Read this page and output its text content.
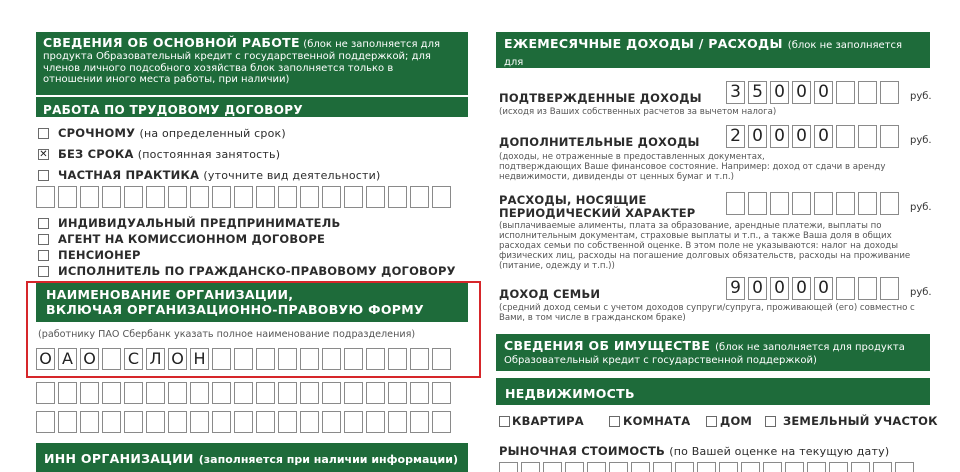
СВЕДЕНИЯ ОБ ОСНОВНОЙ РАБОТЕ (блок не заполняется для
продукта Образовательный кредит с государственной поддержкой; для
членов личного подсобного хозяйства блок заполняется только в
отношении иного места работы, при наличии)
РАБОТА ПО ТРУДОВОМУ ДОГОВОРУ
СРОЧНОМУ (на определенный срок)
✕ БЕЗ СРОКА (постоянная занятость)
ЧАСТНАЯ ПРАКТИКА (уточните вид деятельности)
ИНДИВИДУАЛЬНЫЙ ПРЕДПРИНИМАТЕЛЬ
АГЕНТ НА КОМИССИОННОМ ДОГОВОРЕ
ПЕНСИОНЕР
ИСПОЛНИТЕЛЬ ПО ГРАЖДАНСКО-ПРАВОВОМУ ДОГОВОРУ
НАИМЕНОВАНИЕ ОРГАНИЗАЦИИ,
ВКЛЮЧАЯ ОРГАНИЗАЦИОННО-ПРАВОВУЮ ФОРМУ
(работнику ПАО Сбербанк указать полное наименование подразделения)
О А О С Л О Н
ИНН ОРГАНИЗАЦИИ (заполняется при наличии информации)
ЕЖЕМЕСЯЧНЫЕ ДОХОДЫ / РАСХОДЫ (блок не заполняется для
продукта Образовательный кредит с государственной поддержкой)
ПОДТВЕРЖДЕННЫЕ ДОХОДЫ
(исходя из Ваших собственных расчетов за вычетом налога)
3 5 0 0 0	руб.
ДОПОЛНИТЕЛЬНЫЕ ДОХОДЫ
(доходы, не отраженные в предоставленных документах,
подтверждающих Ваше финансовое состояние. Например: доход от сдачи в аренду
недвижимости, дивиденды от ценных бумаг и т.п.)
2 0 0 0 0	руб.
РАСХОДЫ, НОСЯЩИЕ
ПЕРИОДИЧЕСКИЙ ХАРАКТЕР
(выплачиваемые алименты, плата за образование, арендные платежи, выплаты по
исполнительным документам, страховые выплаты и т.п., а также Ваша доля в общих
расходах семьи по собственной оценке. В этом поле не указываются: налог на доходы
физических лиц, расходы на погашение долговых обязательств, расходы на проживание
(питание, одежду и т.п.))
руб.
ДОХОД СЕМЬИ
(средний доход семьи с учетом доходов супруги/супруга, проживающей (его) совместно с
Вами, в том числе в гражданском браке)
9 0 0 0 0	руб.
СВЕДЕНИЯ ОБ ИМУЩЕСТВЕ (блок не заполняется для продукта
Образовательный кредит с государственной поддержкой)
НЕДВИЖИМОСТЬ
КВАРТИРА	КОМНАТА	ДОМ	ЗЕМЕЛЬНЫЙ УЧАСТОК
РЫНОЧНАЯ СТОИМОСТЬ (по Вашей оценке на текущую дату)
